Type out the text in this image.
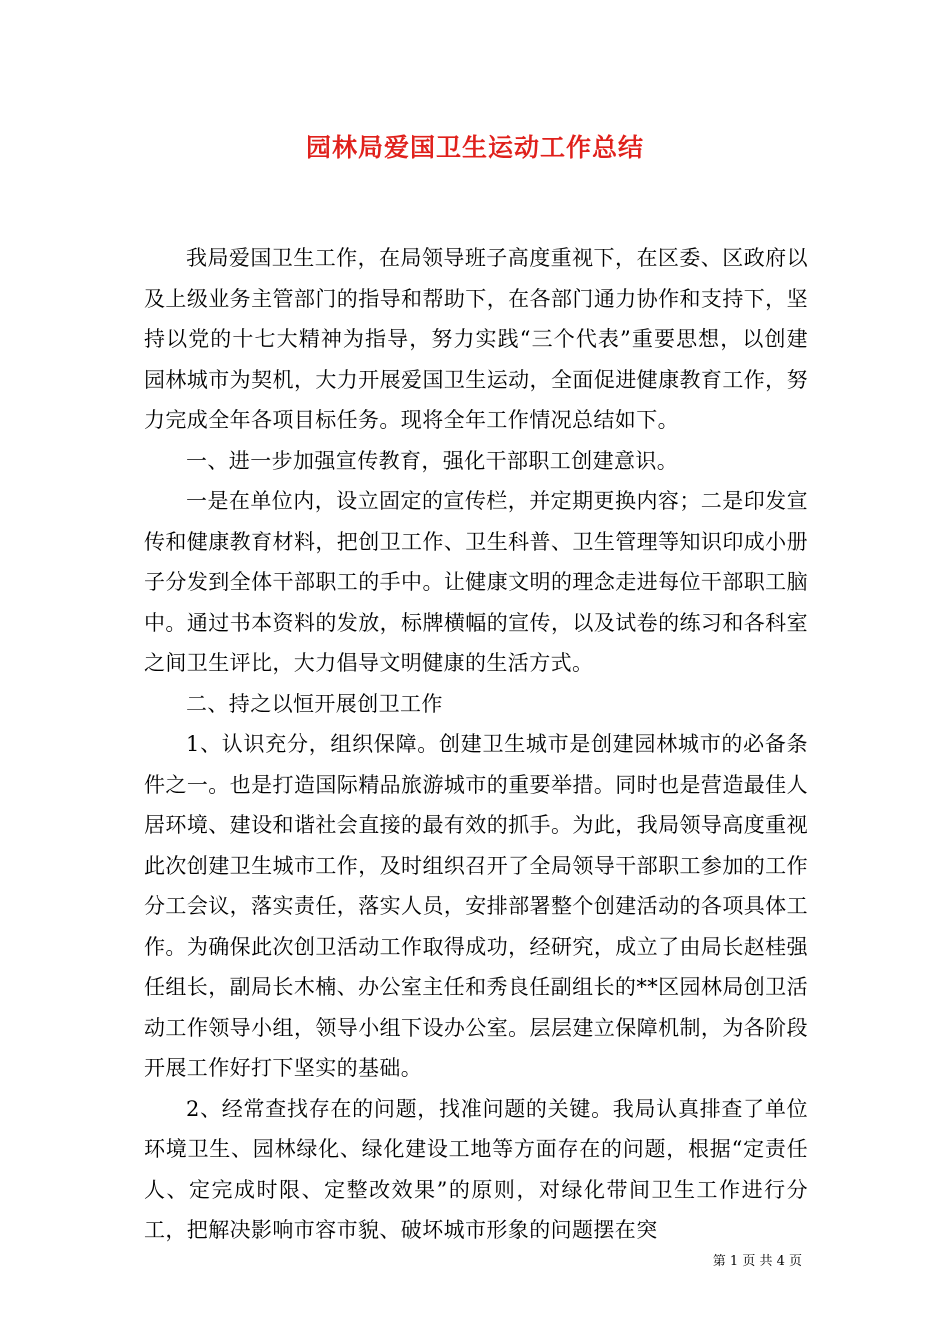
园林局爱国卫生运动工作总结

我局爱国卫生工作，在局领导班子高度重视下，在区委、区政府以及上级业务主管部门的指导和帮助下，在各部门通力协作和支持下，坚持以党的十七大精神为指导，努力实践“三个代表”重要思想，以创建园林城市为契机，大力开展爱国卫生运动，全面促进健康教育工作，努力完成全年各项目标任务。现将全年工作情况总结如下。

一、进一步加强宣传教育，强化干部职工创建意识。

一是在单位内，设立固定的宣传栏，并定期更换内容；二是印发宣传和健康教育材料，把创卫工作、卫生科普、卫生管理等知识印成小册子分发到全体干部职工的手中。让健康文明的理念走进每位干部职工脑中。通过书本资料的发放，标牌横幅的宣传，以及试卷的练习和各科室之间卫生评比，大力倡导文明健康的生活方式。

二、持之以恒开展创卫工作

1、认识充分，组织保障。创建卫生城市是创建园林城市的必备条件之一。也是打造国际精品旅游城市的重要举措。同时也是营造最佳人居环境、建设和谐社会直接的最有效的抓手。为此，我局领导高度重视此次创建卫生城市工作，及时组织召开了全局领导干部职工参加的工作分工会议，落实责任，落实人员，安排部署整个创建活动的各项具体工作。为确保此次创卫活动工作取得成功，经研究，成立了由局长赵桂强任组长，副局长木楠、办公室主任和秀良任副组长的**区园林局创卫活动工作领导小组，领导小组下设办公室。层层建立保障机制，为各阶段开展工作好打下坚实的基础。

2、经常查找存在的问题，找准问题的关键。我局认真排查了单位环境卫生、园林绿化、绿化建设工地等方面存在的问题，根据“定责任人、定完成时限、定整改效果”的原则，对绿化带间卫生工作进行分工，把解决影响市容市貌、破坏城市形象的问题摆在突

第 1 页 共 4 页
